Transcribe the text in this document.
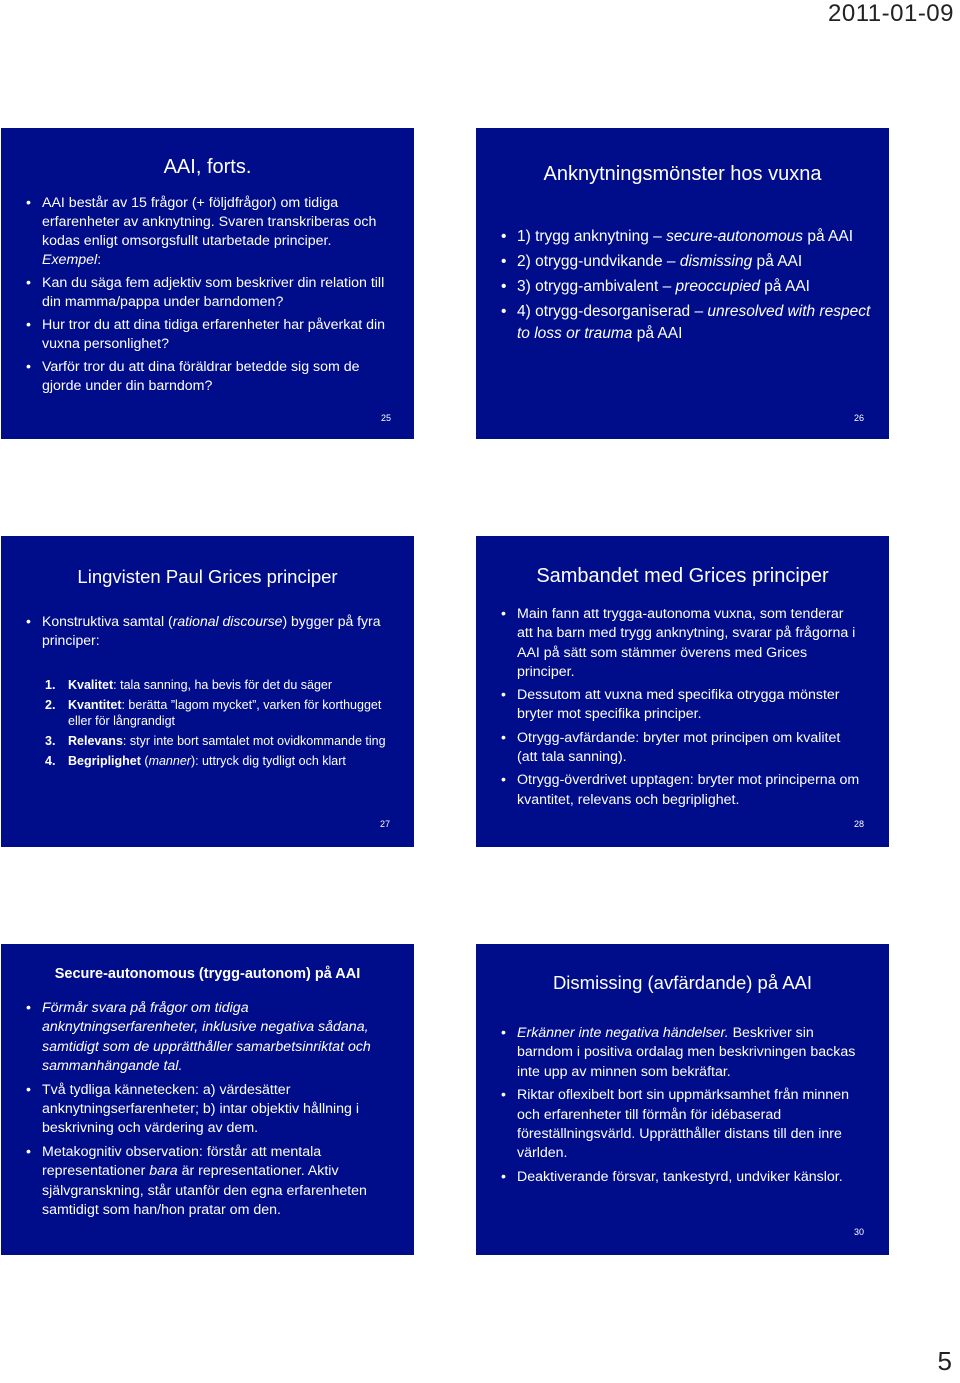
2011-01-09
AAI, forts.
• AAI består av 15 frågor (+ följdfrågor) om tidiga erfarenheter av anknytning. Svaren transkriberas och kodas enligt omsorgsfullt utarbetade principer. Exempel:
• Kan du säga fem adjektiv som beskriver din relation till din mamma/pappa under barndomen?
• Hur tror du att dina tidiga erfarenheter har påverkat din vuxna personlighet?
• Varför tror du att dina föräldrar betedde sig som de gjorde under din barndom?
25
Anknytningsmönster hos vuxna
• 1) trygg anknytning – secure-autonomous på AAI
• 2) otrygg-undvikande – dismissing på AAI
• 3) otrygg-ambivalent – preoccupied på AAI
• 4) otrygg-desorganiserad – unresolved with respect to loss or trauma på AAI
26
Lingvisten Paul Grices principer
• Konstruktiva samtal (rational discourse) bygger på fyra principer:
1. Kvalitet: tala sanning, ha bevis för det du säger
2. Kvantitet: berätta ”lagom mycket”, varken för korthugget eller för långrandigt
3. Relevans: styr inte bort samtalet mot ovidkommande ting
4. Begriplighet (manner): uttryck dig tydligt och klart
27
Sambandet med Grices principer
• Main fann att trygga-autonoma vuxna, som tenderar att ha barn med trygg anknytning, svarar på frågorna i AAI på sätt som stämmer överens med Grices principer.
• Dessutom att vuxna med specifika otrygga mönster bryter mot specifika principer.
• Otrygg-avfärdande: bryter mot principen om kvalitet (att tala sanning).
• Otrygg-överdrivet upptagen: bryter mot principerna om kvantitet, relevans och begriplighet.
28
Secure-autonomous (trygg-autonom) på AAI
• Förmår svara på frågor om tidiga anknytningserfarenheter, inklusive negativa sådana, samtidigt som de upprätthåller samarbetsinriktat och sammanhängande tal.
• Två tydliga kännetecken: a) värdesätter anknytningserfarenheter; b) intar objektiv hållning i beskrivning och värdering av dem.
• Metakognitiv observation: förstår att mentala representationer bara är representationer. Aktiv självgranskning, står utanför den egna erfarenheten samtidigt som han/hon pratar om den.
Dismissing (avfärdande) på AAI
• Erkänner inte negativa händelser. Beskriver sin barndom i positiva ordalag men beskrivningen backas inte upp av minnen som bekräftar.
• Riktar oflexibelt bort sin uppmärksamhet från minnen och erfarenheter till förmån för idébaserad föreställningsvärld. Upprätthåller distans till den inre världen.
• Deaktiverande försvar, tankestyrd, undviker känslor.
30
5
